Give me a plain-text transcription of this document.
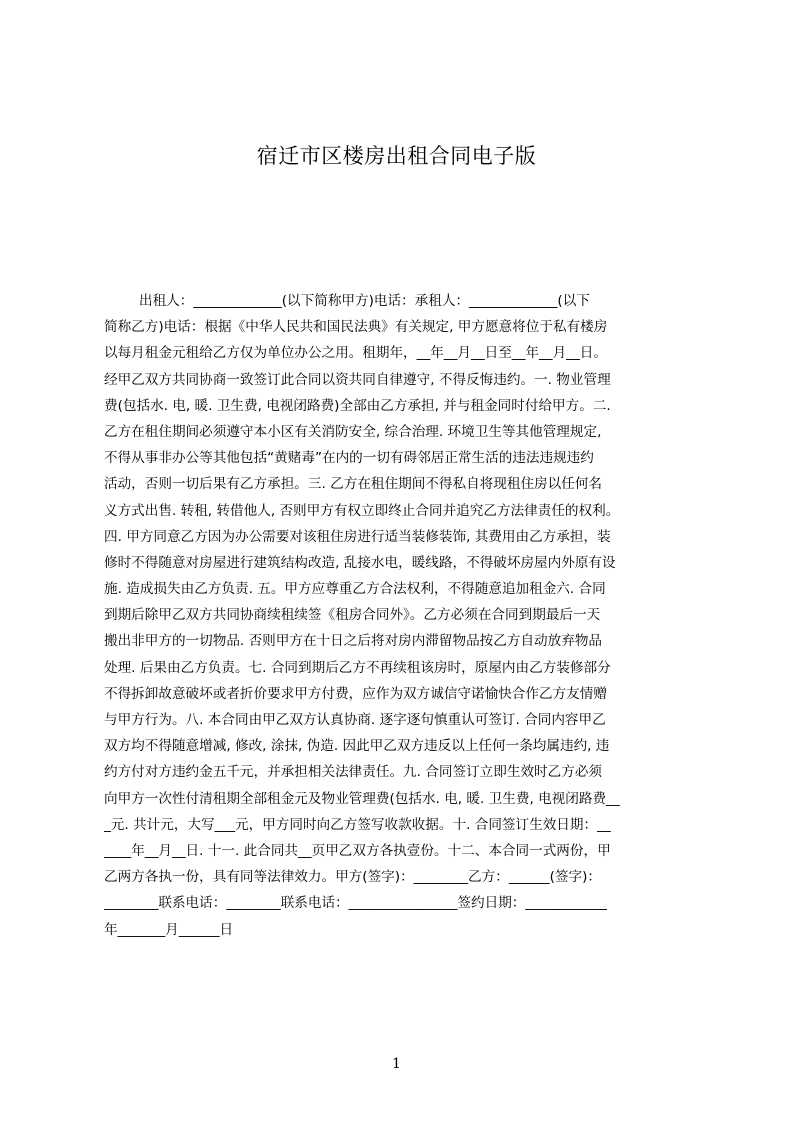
宿迁市区楼房出租合同电子版
出租人：_____________(以下简称甲方)电话：承租人：_____________(以下
简称乙方)电话：根据《中华人民共和国民法典》有关规定, 甲方愿意将位于私有楼房
以每月租金元租给乙方仅为单位办公之用。租期年，__年__月__日至__年__月__日。
经甲乙双方共同协商一致签订此合同以资共同自律遵守, 不得反悔违约。一. 物业管理
费(包括水. 电, 暖. 卫生费, 电视闭路费)全部由乙方承担, 并与租金同时付给甲方。二.
乙方在租住期间必须遵守本小区有关消防安全, 综合治理. 环境卫生等其他管理规定,
不得从事非办公等其他包括“黄赌毒”在内的一切有碍邻居正常生活的违法违规违约
活动，否则一切后果有乙方承担。三. 乙方在租住期间不得私自将现租住房以任何名
义方式出售. 转租, 转借他人, 否则甲方有权立即终止合同并追究乙方法律责任的权利。
四. 甲方同意乙方因为办公需要对该租住房进行适当装修装饰, 其费用由乙方承担，装
修时不得随意对房屋进行建筑结构改造, 乱接水电，暖线路，不得破坏房屋内外原有设
施. 造成损失由乙方负责. 五。甲方应尊重乙方合法权利，不得随意追加租金六. 合同
到期后除甲乙双方共同协商续租续签《租房合同外》。乙方必须在合同到期最后一天
搬出非甲方的一切物品. 否则甲方在十日之后将对房内滞留物品按乙方自动放弃物品
处理. 后果由乙方负责。七. 合同到期后乙方不再续租该房时，原屋内由乙方装修部分
不得拆卸故意破坏或者折价要求甲方付费，应作为双方诚信守诺愉快合作乙方友情赠
与甲方行为。八. 本合同由甲乙双方认真协商. 逐字逐句慎重认可签订. 合同内容甲乙
双方均不得随意增减, 修改, 涂抹, 伪造. 因此甲乙双方违反以上任何一条均属违约, 违
约方付对方违约金五千元，并承担相关法律责任。九. 合同签订立即生效时乙方必须
向甲方一次性付清租期全部租金元及物业管理费(包括水. 电, 暖. 卫生费, 电视闭路费__
_元. 共计元，大写___元，甲方同时向乙方签写收款收据。十. 合同签订生效日期：__
____年__月__日. 十一. 此合同共__页甲乙双方各执壹份。十二、本合同一式两份，甲
乙两方各执一份，具有同等法律效力。甲方(签字)：________乙方：______(签字)：
________联系电话：________联系电话：________________签约日期：____________
年_______月______日
1
